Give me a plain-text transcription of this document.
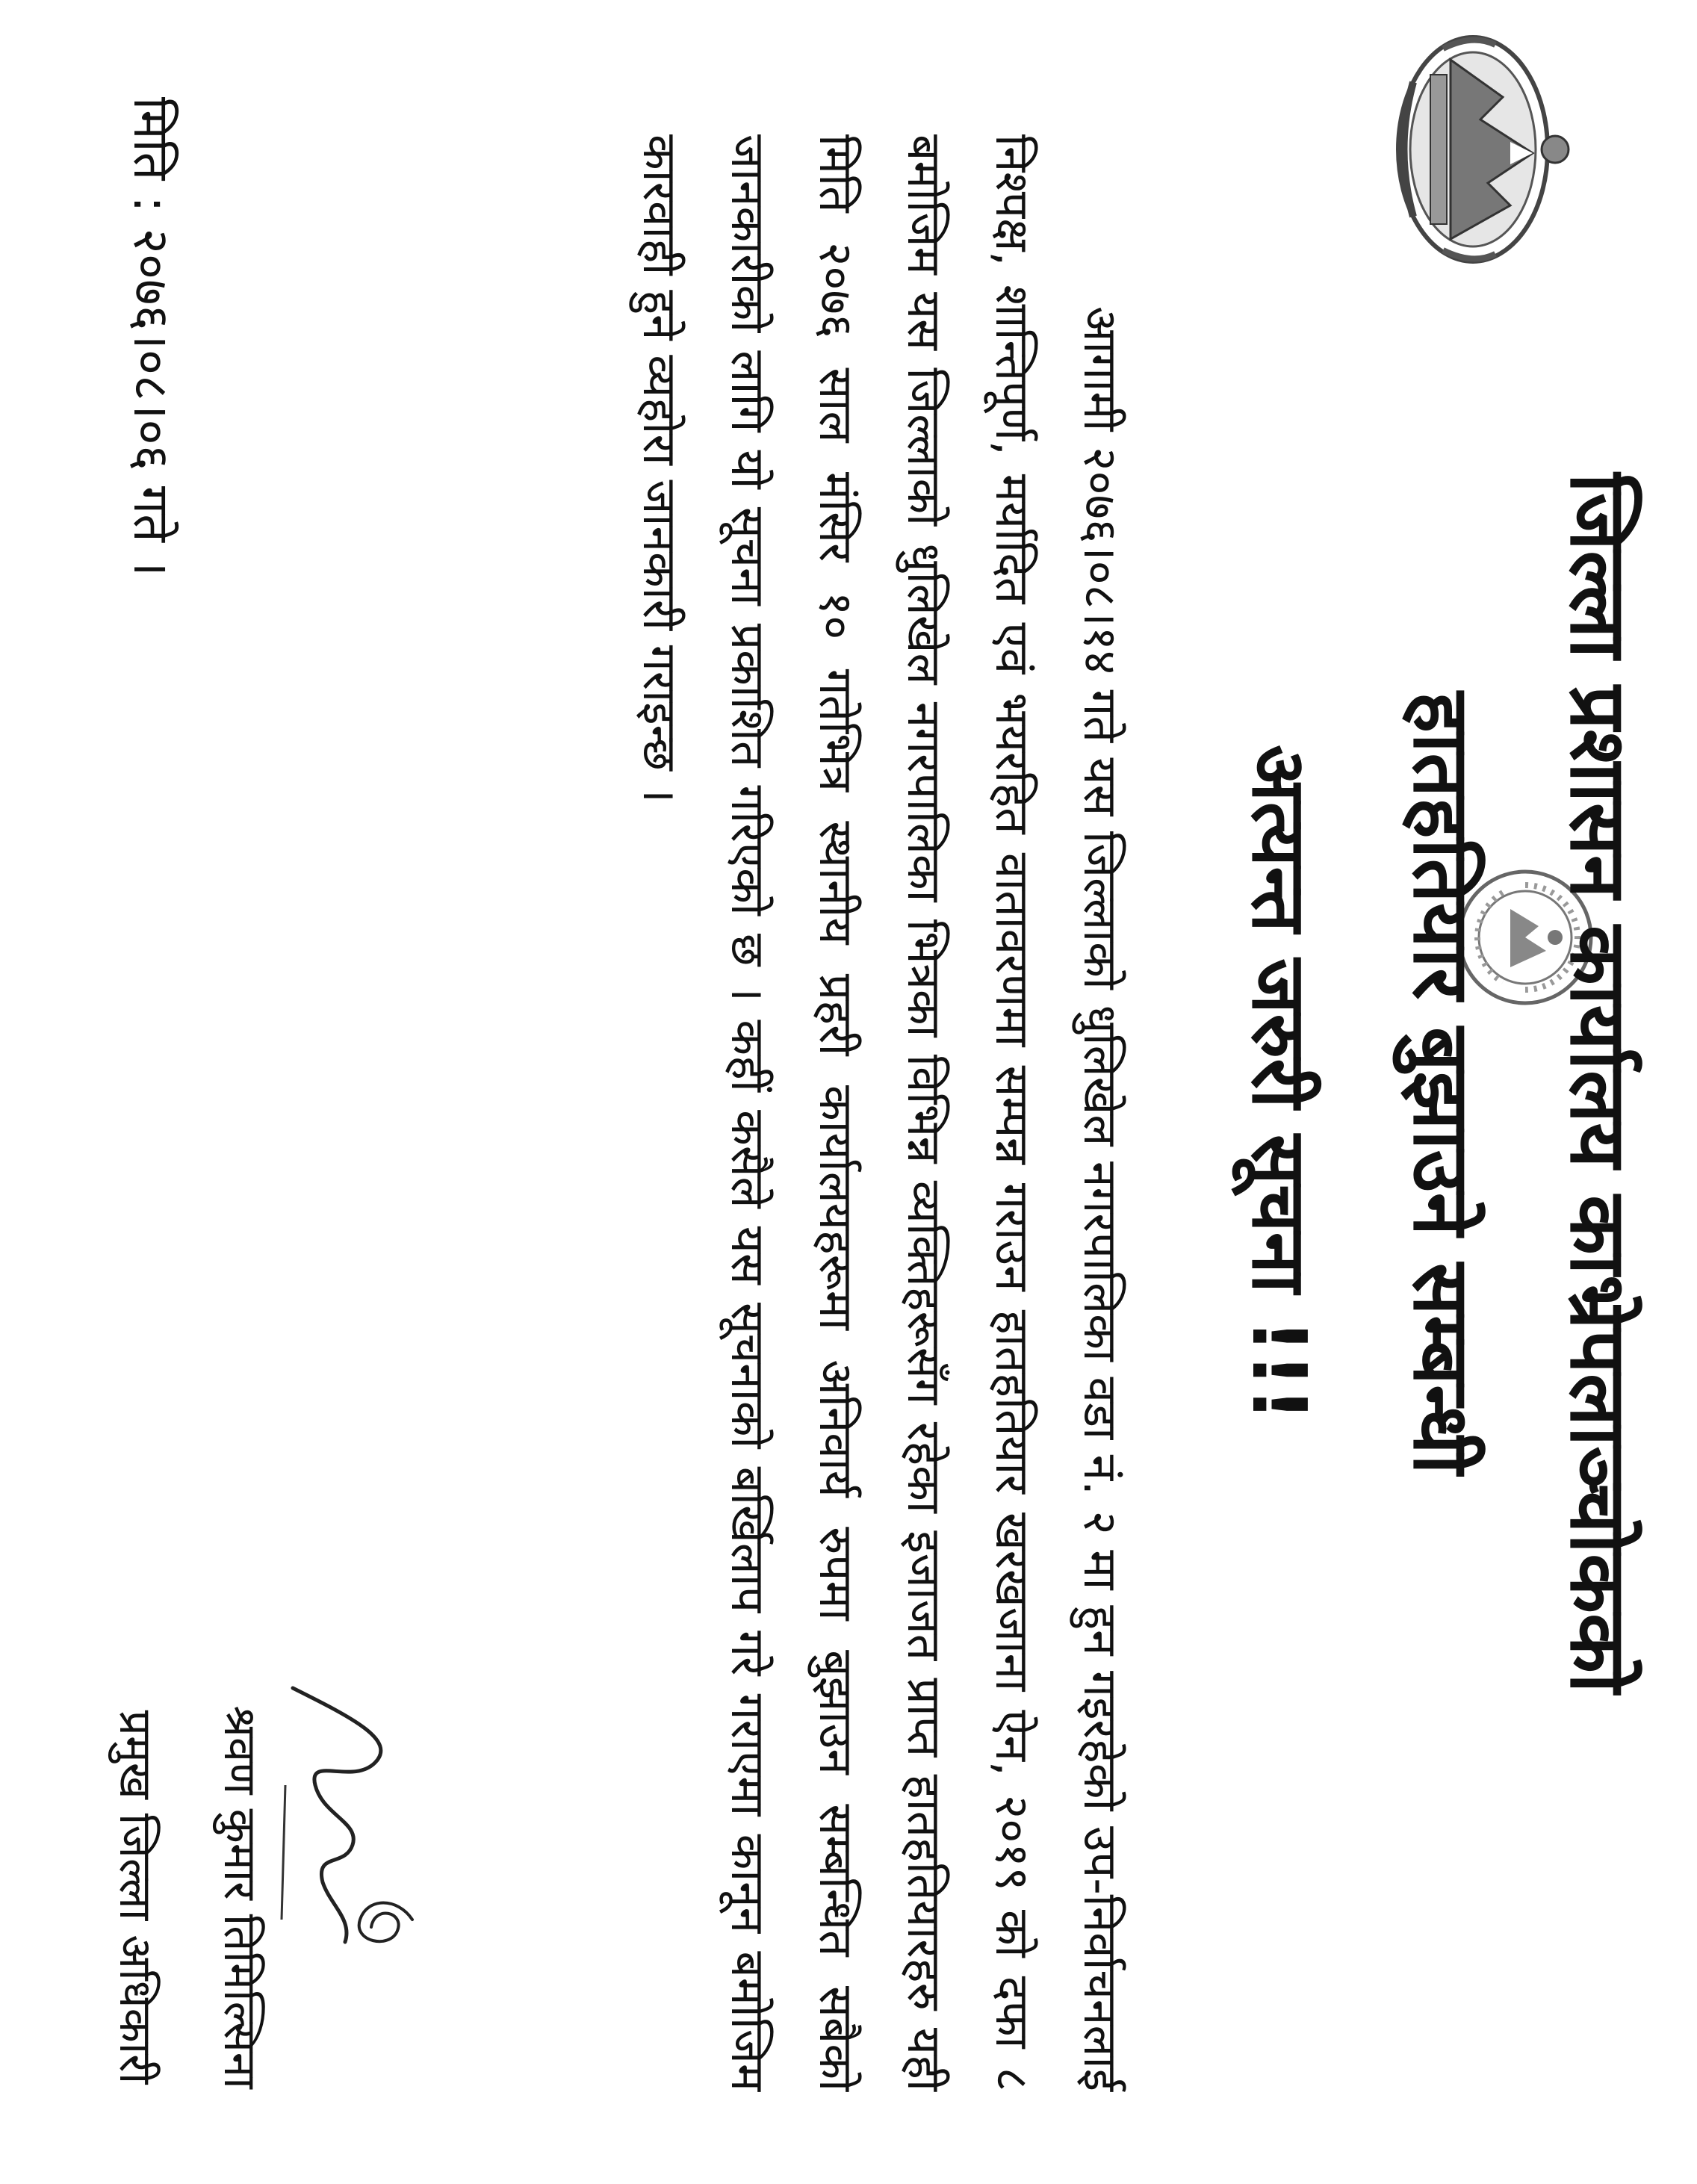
जिल्ला प्रशासन कार्यालय काभ्रेपलाञ्चोकको
हातहतियार बुझाउने सम्बन्धी
अत्यन्त जरुरी सूचना !!!

आगामी २०७६।०८।१४ गते यस जिल्लाको धुलिखेल नगरपालिका वडा नं. २ मा हुन गइरहेको उप-निर्वाचनलाई निश्पक्ष, शान्तिपूर्ण, मर्यादित एवं भयरहित वातावरणमा सम्पन्न गराउन हातहतियार खरखजाना ऐन, २०१९ को दफा ८ बमोजिम यस जिल्लाको धुलिखेल नगरपालिका भित्रका विभिन्न व्यक्तिहरूसँग रहेका इजाजत प्राप्त हातहतियारहरु यही मिति २०७६ साल मंसिर १० गतेभित्र स्थानीय प्रहरी कार्यालयहरूमा अनिवार्य रुपमा बुझाउन सम्बन्धित सबैको जानकारीको लागि यो सूचना प्रकाशित गरिएको छ । कहीं कसैले यस सूचनाको बर्खिलाप गरे गराएमा कानून बमोजिम कारवाही हुने व्यहोरा जानकारी गराइन्छ ।

श्रवण कुमार तिमिल्सिना

प्रमुख जिल्ला अधिकारी

मिति : २०७६।०८।०६ गते ।
